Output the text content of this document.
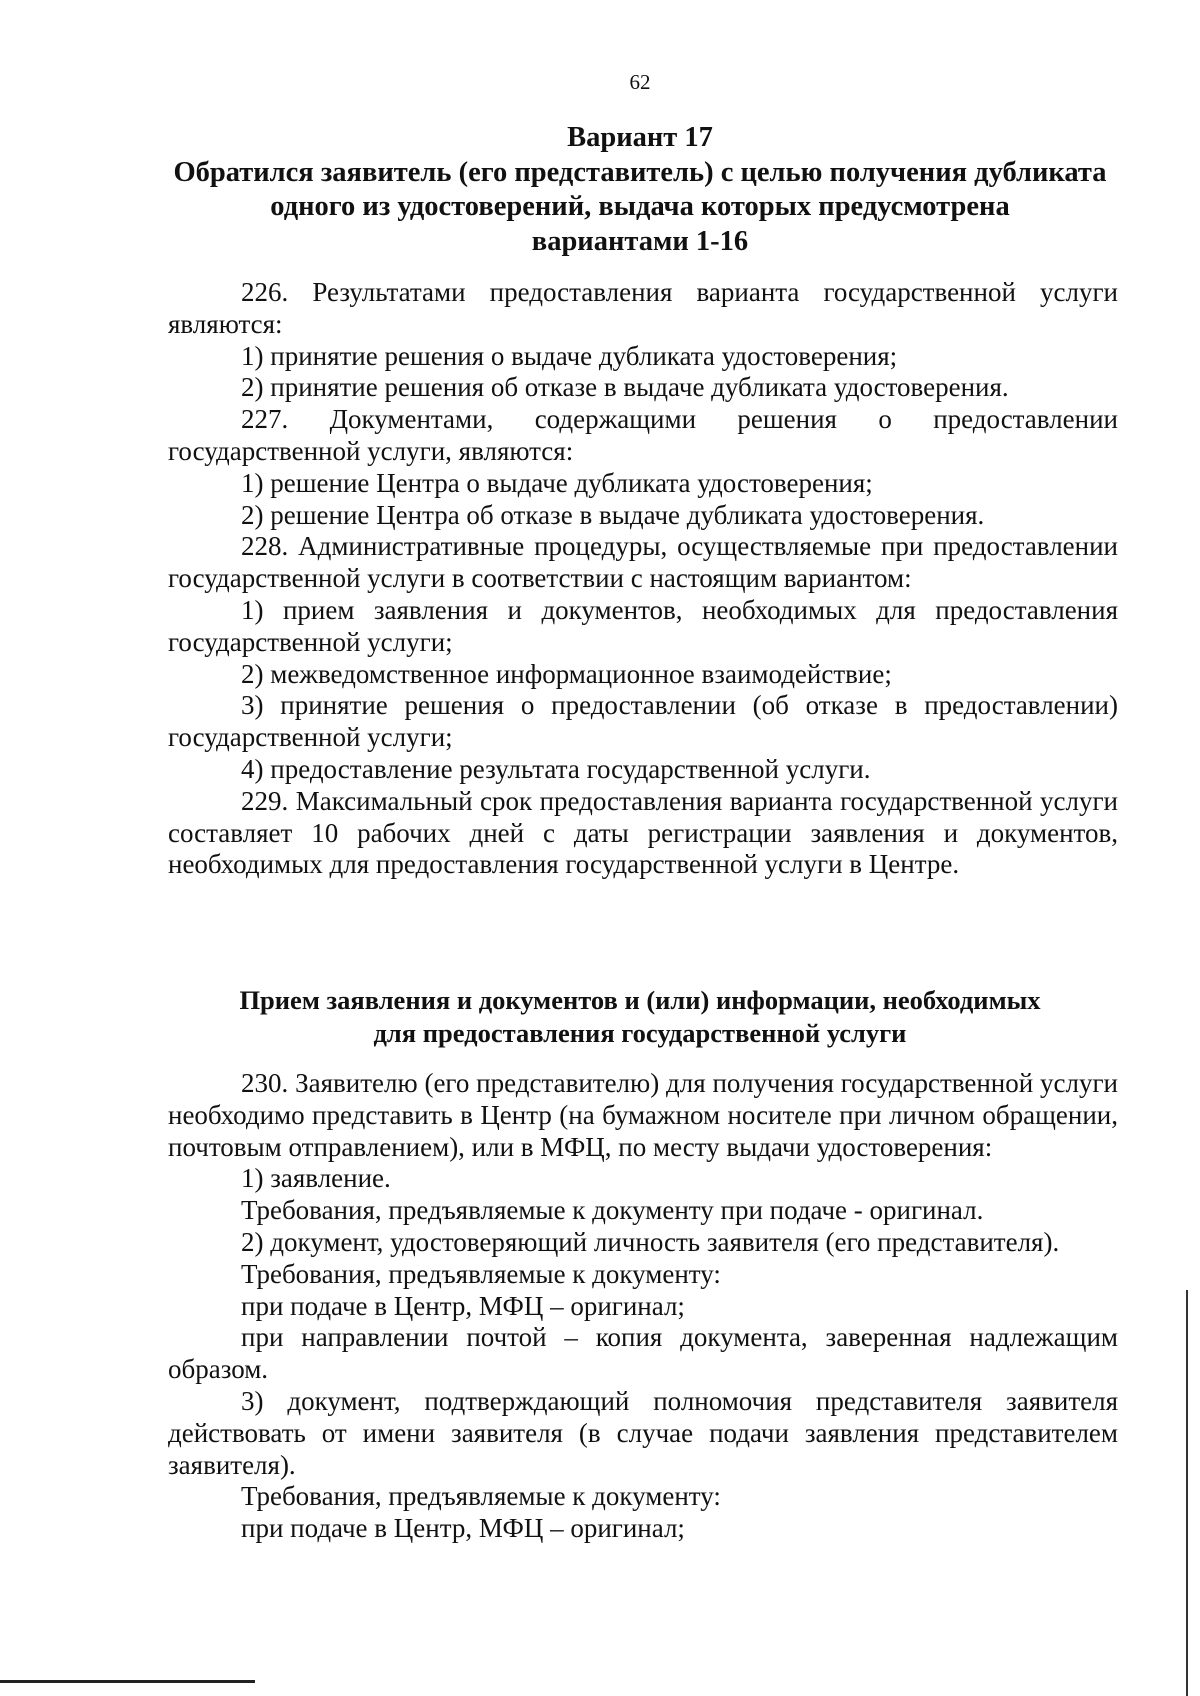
62
Вариант 17
Обратился заявитель (его представитель) с целью получения дубликата
одного из удостоверений, выдача которых предусмотрена
вариантами 1-16

226. Результатами предоставления варианта государственной услуги являются:

1) принятие решения о выдаче дубликата удостоверения;

2) принятие решения об отказе в выдаче дубликата удостоверения.

227. Документами, содержащими решения о предоставлении государственной услуги, являются:

1) решение Центра о выдаче дубликата удостоверения;

2) решение Центра об отказе в выдаче дубликата удостоверения.

228. Административные процедуры, осуществляемые при предоставлении государственной услуги в соответствии с настоящим вариантом:

1) прием заявления и документов, необходимых для предоставления государственной услуги;

2) межведомственное информационное взаимодействие;

3) принятие решения о предоставлении (об отказе в предоставлении) государственной услуги;

4) предоставление результата государственной услуги.

229. Максимальный срок предоставления варианта государственной услуги составляет 10 рабочих дней с даты регистрации заявления и документов, необходимых для предоставления государственной услуги в Центре.

Прием заявления и документов и (или) информации, необходимых
для предоставления государственной услуги

230. Заявителю (его представителю) для получения государственной услуги необходимо представить в Центр (на бумажном носителе при личном обращении, почтовым отправлением), или в МФЦ, по месту выдачи удостоверения:

1) заявление.

Требования, предъявляемые к документу при подаче - оригинал.

2) документ, удостоверяющий личность заявителя (его представителя).

Требования, предъявляемые к документу:

при подаче в Центр, МФЦ – оригинал;

при направлении почтой – копия документа, заверенная надлежащим образом.

3) документ, подтверждающий полномочия представителя заявителя действовать от имени заявителя (в случае подачи заявления представителем заявителя).

Требования, предъявляемые к документу:

при подаче в Центр, МФЦ – оригинал;
